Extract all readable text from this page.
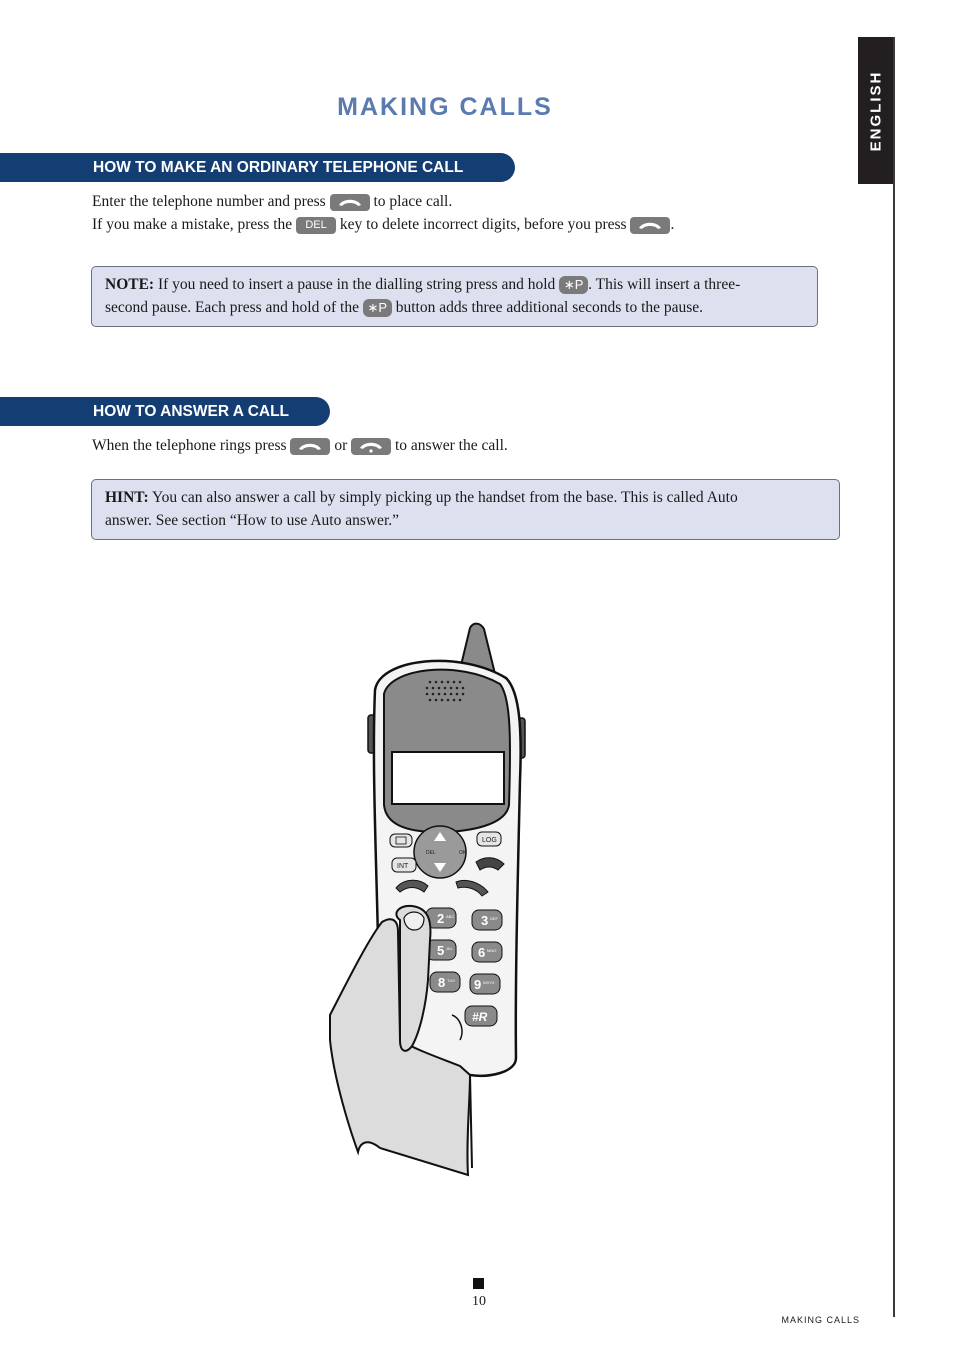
ENGLISH
MAKING CALLS
HOW TO MAKE AN ORDINARY TELEPHONE CALL
Enter the telephone number and press	to place call.
If you make a mistake, press the DEL key to delete incorrect digits, before you press	.
NOTE: If you need to insert a pause in the dialling string press and hold ∗P . This will insert a three-
second pause. Each press and hold of the ∗P button adds three additional seconds to the pause.
HOW TO ANSWER A CALL
When the telephone rings press	or	to answer the call.
HINT: You can also answer a call by simply picking up the handset from the base. This is called Auto
answer. See section “How to use Auto answer.”
DEL	OK
LOG
INT
2 ABC 3 DEF
5 JKL 6 MNO
8 TUV 9 WXYZ
#R
10
MAKING CALLS
